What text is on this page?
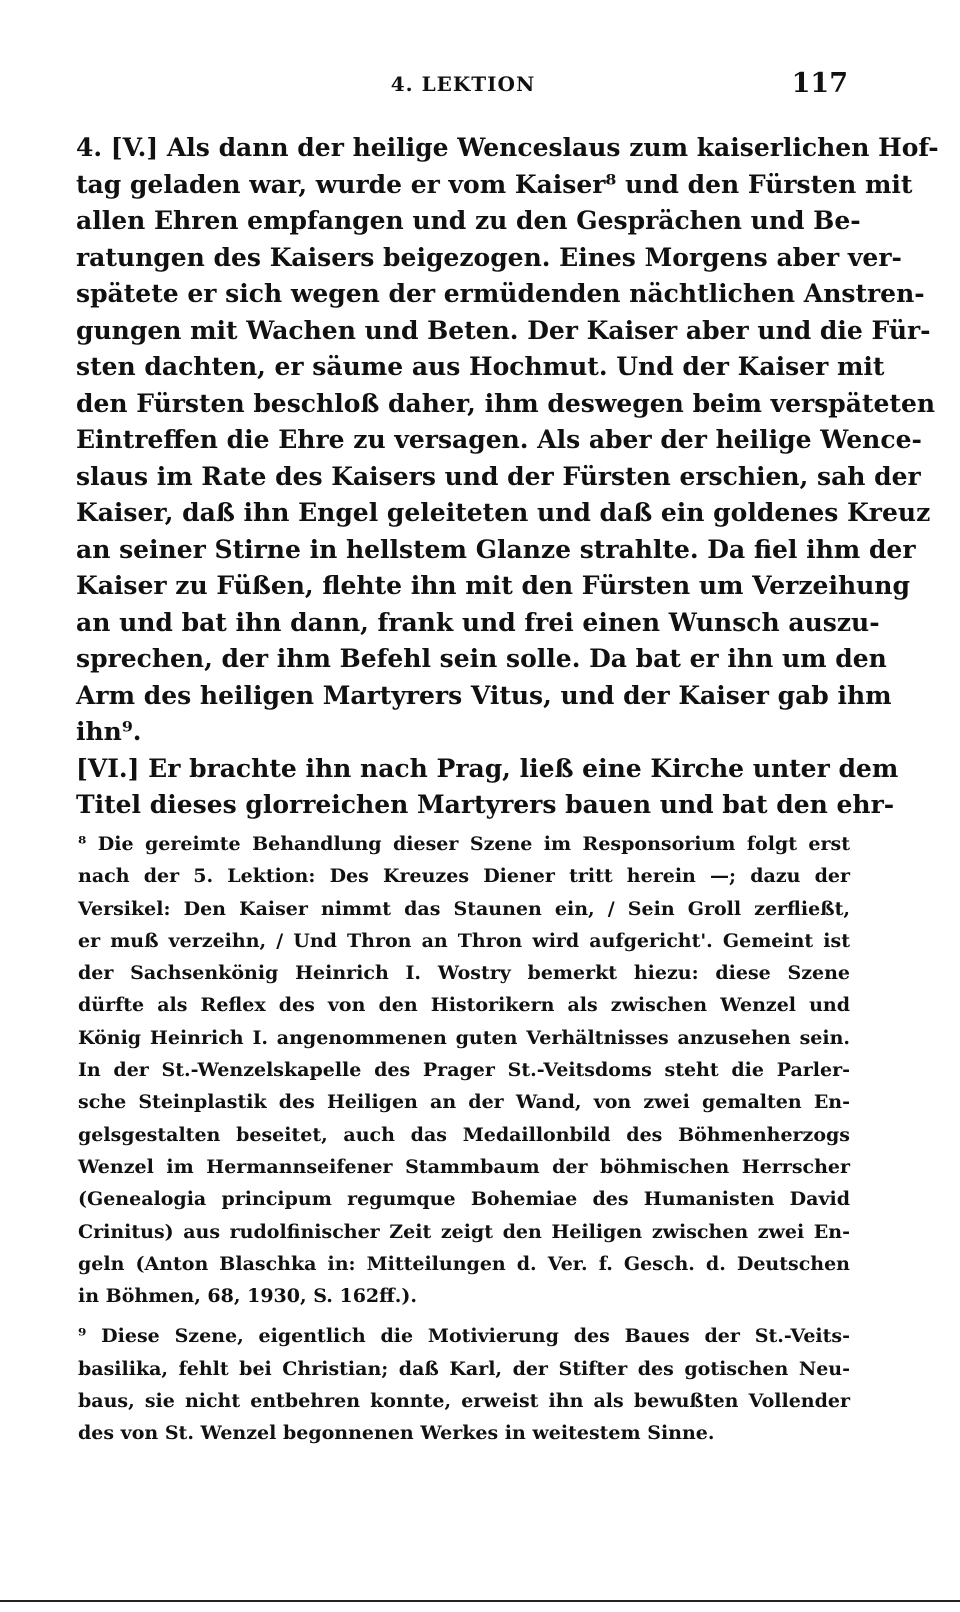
4. LEKTION	117
4. [V.] Als dann der heilige Wenceslaus zum kaiserlichen Hof-
tag geladen war, wurde er vom Kaiser⁸ und den Fürsten mit
allen Ehren empfangen und zu den Gesprächen und Be-
ratungen des Kaisers beigezogen. Eines Morgens aber ver-
spätete er sich wegen der ermüdenden nächtlichen Anstren-
gungen mit Wachen und Beten. Der Kaiser aber und die Für-
sten dachten, er säume aus Hochmut. Und der Kaiser mit
den Fürsten beschloß daher, ihm deswegen beim verspäteten
Eintreffen die Ehre zu versagen. Als aber der heilige Wence-
slaus im Rate des Kaisers und der Fürsten erschien, sah der
Kaiser, daß ihn Engel geleiteten und daß ein goldenes Kreuz
an seiner Stirne in hellstem Glanze strahlte. Da fiel ihm der
Kaiser zu Füßen, flehte ihn mit den Fürsten um Verzeihung
an und bat ihn dann, frank und frei einen Wunsch auszu-
sprechen, der ihm Befehl sein solle. Da bat er ihn um den
Arm des heiligen Martyrers Vitus, und der Kaiser gab ihm
ihn⁹.
[VI.] Er brachte ihn nach Prag, ließ eine Kirche unter dem
Titel dieses glorreichen Martyrers bauen und bat den ehr-
⁸ Die gereimte Behandlung dieser Szene im Responsorium folgt erst
nach der 5. Lektion: Des Kreuzes Diener tritt herein —; dazu der
Versikel: Den Kaiser nimmt das Staunen ein, / Sein Groll zerfließt,
er muß verzeihn, / Und Thron an Thron wird aufgericht'. Gemeint ist
der Sachsenkönig Heinrich I. Wostry bemerkt hiezu: diese Szene
dürfte als Reflex des von den Historikern als zwischen Wenzel und
König Heinrich I. angenommenen guten Verhältnisses anzusehen sein.
In der St.-Wenzelskapelle des Prager St.-Veitsdoms steht die Parler-
sche Steinplastik des Heiligen an der Wand, von zwei gemalten En-
gelsgestalten beseitet, auch das Medaillonbild des Böhmenherzogs
Wenzel im Hermannseifener Stammbaum der böhmischen Herrscher
(Genealogia principum regumque Bohemiae des Humanisten David
Crinitus) aus rudolfinischer Zeit zeigt den Heiligen zwischen zwei En-
geln (Anton Blaschka in: Mitteilungen d. Ver. f. Gesch. d. Deutschen
in Böhmen, 68, 1930, S. 162ff.).
⁹ Diese Szene, eigentlich die Motivierung des Baues der St.-Veits-
basilika, fehlt bei Christian; daß Karl, der Stifter des gotischen Neu-
baus, sie nicht entbehren konnte, erweist ihn als bewußten Vollender
des von St. Wenzel begonnenen Werkes in weitestem Sinne.
